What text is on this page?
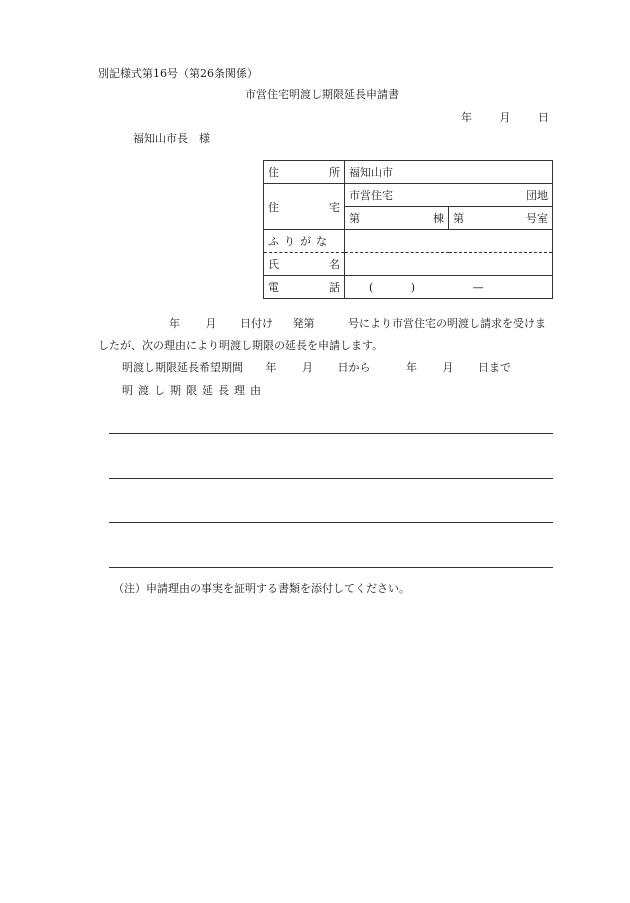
別記様式第16号（第26条関係）
市営住宅明渡し期限延長申請書
年	月	日
福知山市長　様
住 所	福知山市	

住 宅	市営住宅 団地	

	第 棟	第 号室

ふりがな		

氏 名		

電 話	( ) —	
年 月 日付け 発第	号により市営住宅の明渡し請求を受けま
したが、次の理由により明渡し期限の延長を申請します。
明渡し期限延長希望期間 年 月 日から	年 月 日まで
明渡し期限延長理由
（注）申請理由の事実を証明する書類を添付してください。
